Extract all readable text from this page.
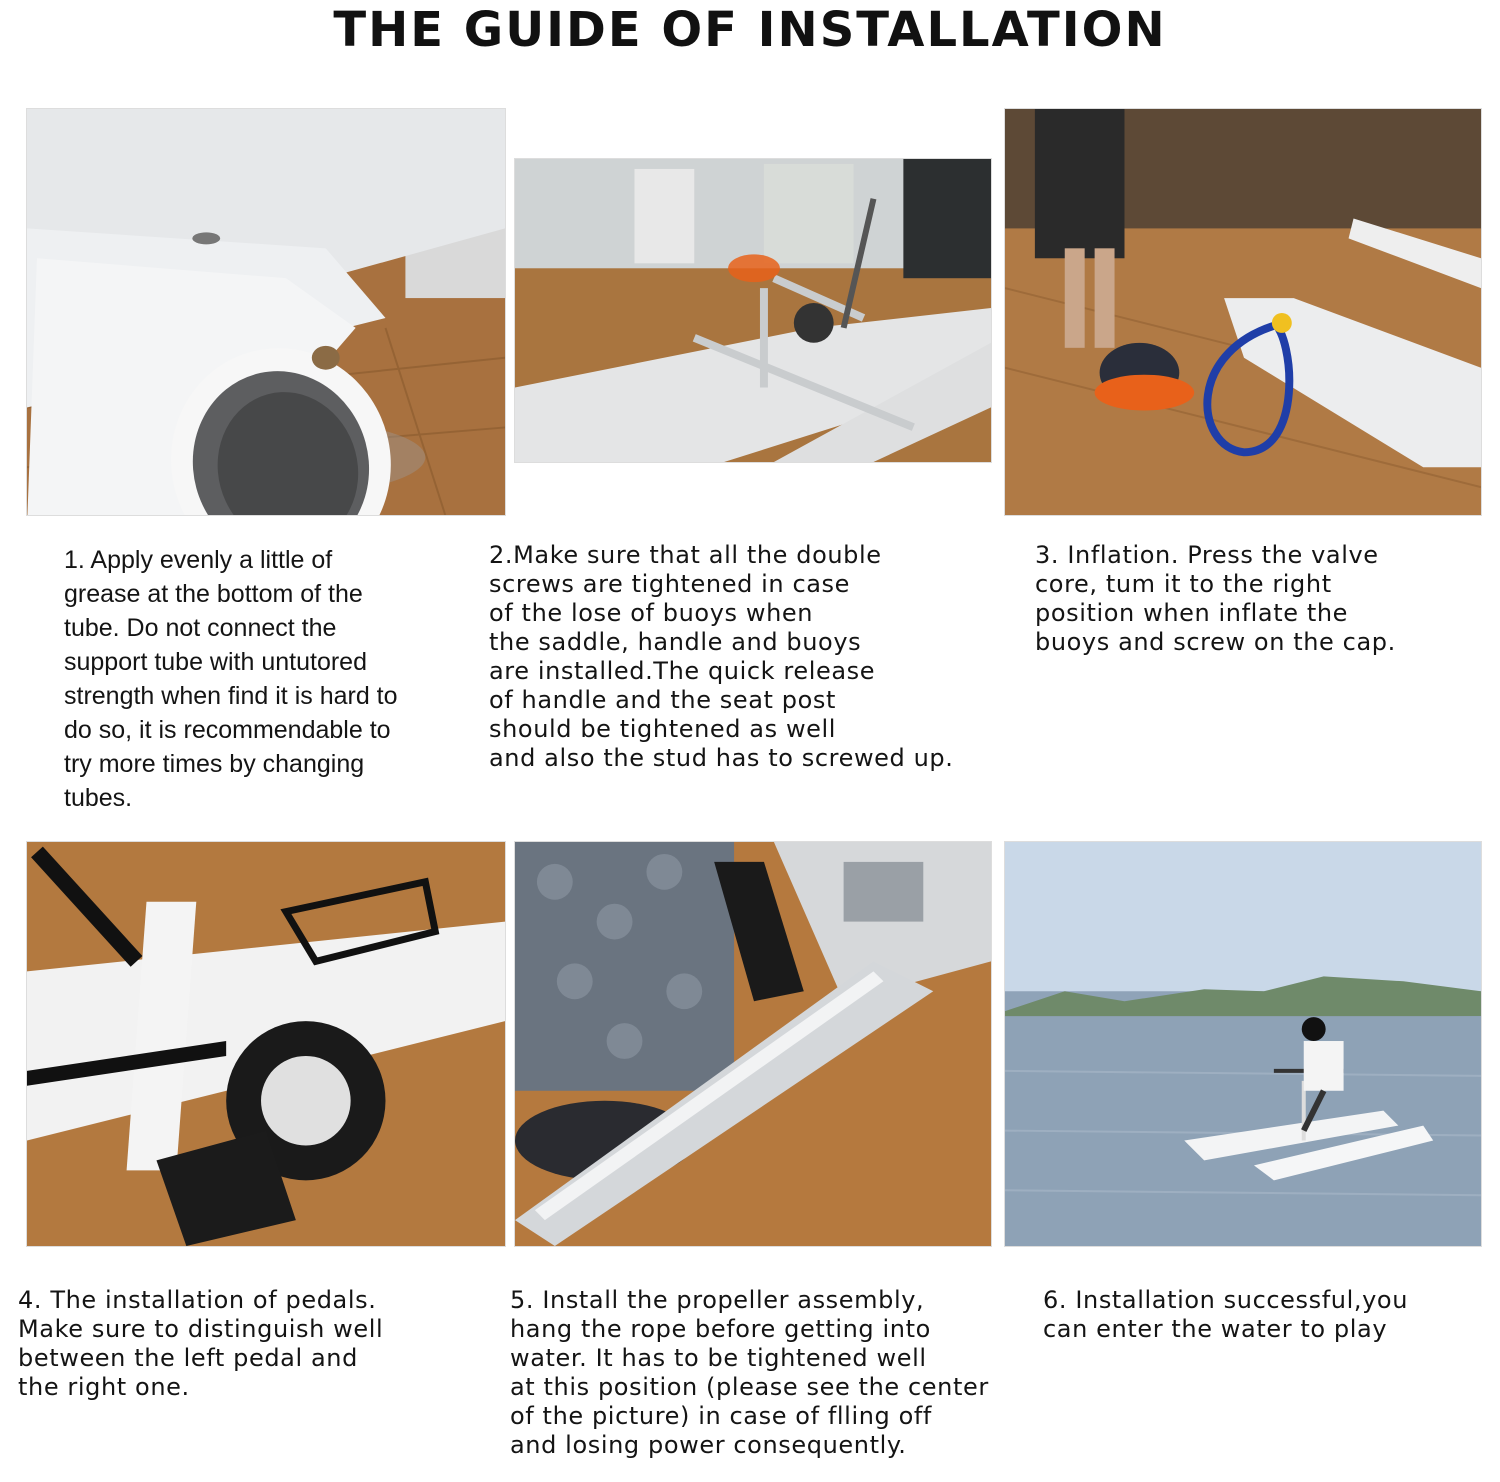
THE GUIDE OF INSTALLATION
1. Apply evenly a little of
grease at the bottom of the
tube. Do not connect the
support tube with untutored
strength when find it is hard to
do so, it is recommendable to
try more times by changing
tubes.
2.Make sure that all the double
screws are tightened in case
of the lose of buoys when
the saddle, handle and buoys
are installed.The quick release
of handle and the seat post
should be tightened as well
and also the stud has to screwed up.
3. Inflation. Press the valve
core, tum it to the right
position when inflate the
buoys and screw on the cap.
4. The installation of pedals.
Make sure to distinguish well
between the left pedal and
the right one.
5. Install the propeller assembly,
hang the rope before getting into
water. It has to be tightened well
at this position (please see the center
of the picture) in case of flling off
and losing power consequently.
6. Installation successful,you
can enter the water to play
